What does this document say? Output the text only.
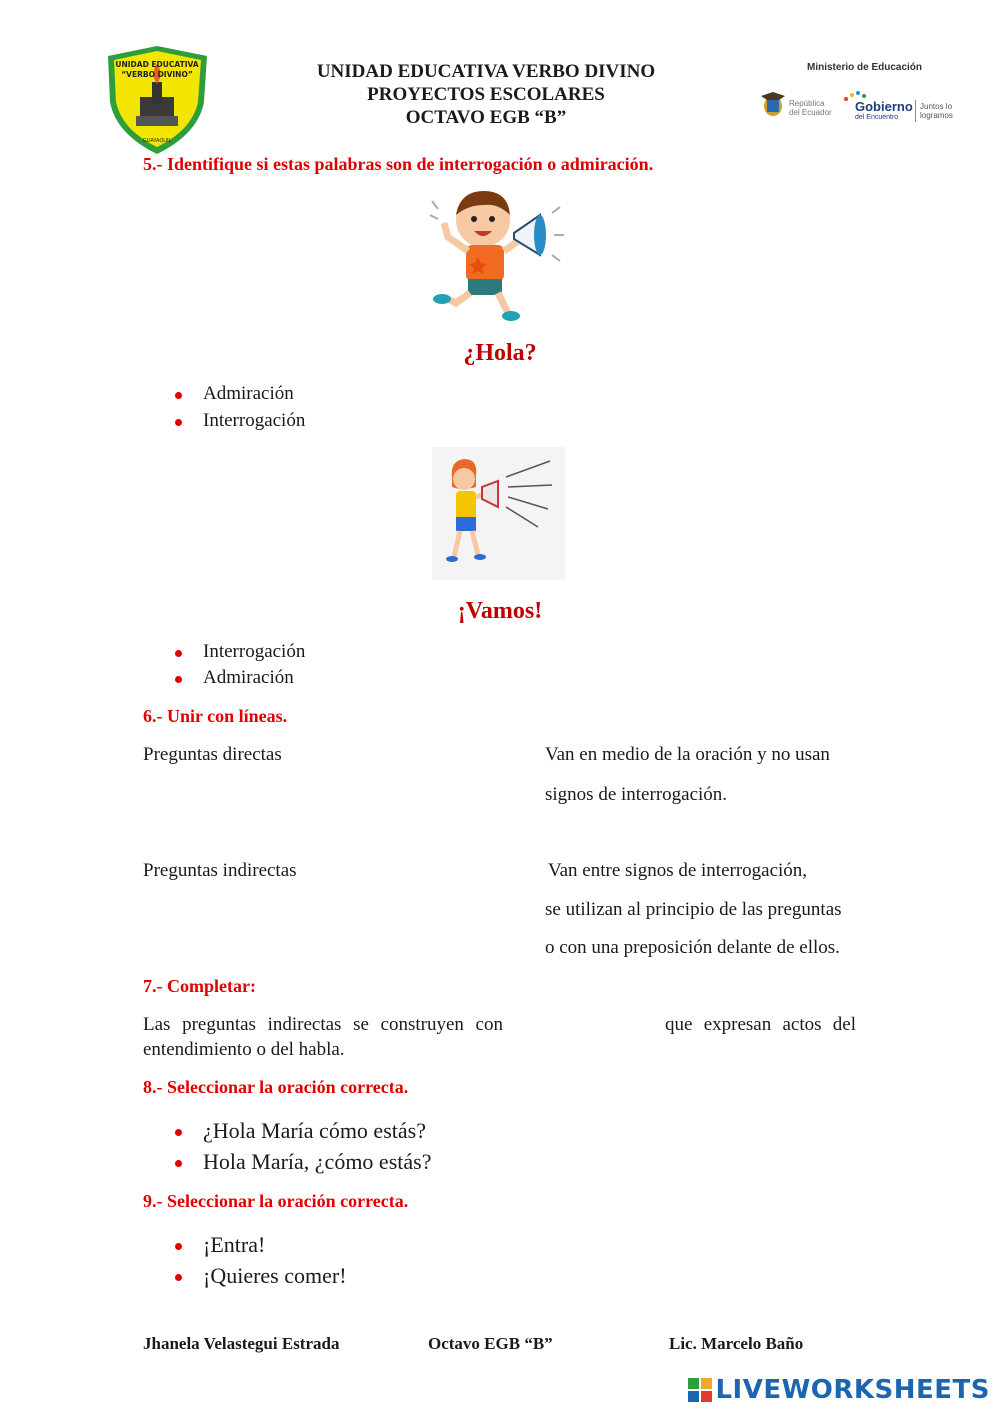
UNIDAD EDUCATIVA
“VERBO DIVINO”
GUAYAQUIL
UNIDAD EDUCATIVA VERBO DIVINO
PROYECTOS ESCOLARES
OCTAVO EGB “B”
Ministerio de Educación
República del Ecuador	Gobierno
del Encuentro
Juntos lo logramos
5.- Identifique si estas palabras son de interrogación o admiración.
¿Hola?
Admiración
Interrogación
¡Vamos!
Interrogación
Admiración
6.- Unir con líneas.
Preguntas directas	Van en medio de la oración y no usan
signos de interrogación.
Preguntas indirectas	Van entre signos de interrogación,
se utilizan al principio de las preguntas
o con una preposición delante de ellos.
7.- Completar:
Las preguntas indirectas se construyen con	que expresan actos del
entendimiento o del habla.
8.- Seleccionar la oración correcta.
¿Hola María cómo estás?
Hola María, ¿cómo estás?
9.- Seleccionar la oración correcta.
¡Entra!
¡Quieres comer!
Jhanela Velastegui Estrada	Octavo EGB “B”	Lic. Marcelo Baño
LIVEWORKSHEETS
